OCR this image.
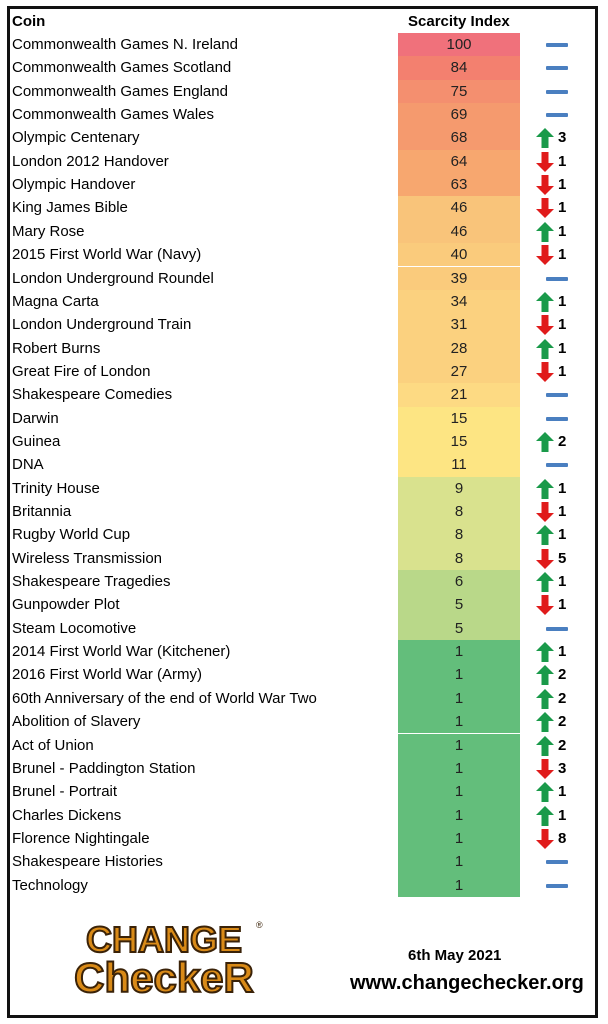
Coin	Scarcity Index
Commonwealth Games N. Ireland	100
Commonwealth Games Scotland	84
Commonwealth Games England	75
Commonwealth Games Wales	69
Olympic Centenary	68	3
London 2012 Handover	64	1
Olympic Handover	63	1
King James Bible	46	1
Mary Rose	46	1
2015 First World War (Navy)	40	1
London Underground Roundel	39
Magna Carta	34	1
London Underground Train	31	1
Robert Burns	28	1
Great Fire of London	27	1
Shakespeare Comedies	21
Darwin	15
Guinea	15	2
DNA	11
Trinity House	9	1
Britannia	8	1
Rugby World Cup	8	1
Wireless Transmission	8	5
Shakespeare Tragedies	6	1
Gunpowder Plot	5	1
Steam Locomotive	5
2014 First World War (Kitchener)	1	1
2016 First World War (Army)	1	2
60th Anniversary of the end of World War Two	1	2
Abolition of Slavery	1	2
Act of Union	1	2
Brunel - Paddington Station	1	3
Brunel - Portrait	1	1
Charles Dickens	1	1
Florence Nightingale	1	8
Shakespeare Histories	1
Technology	1
CHANGE ®
CheckeR	6th May 2021
www.changechecker.org
